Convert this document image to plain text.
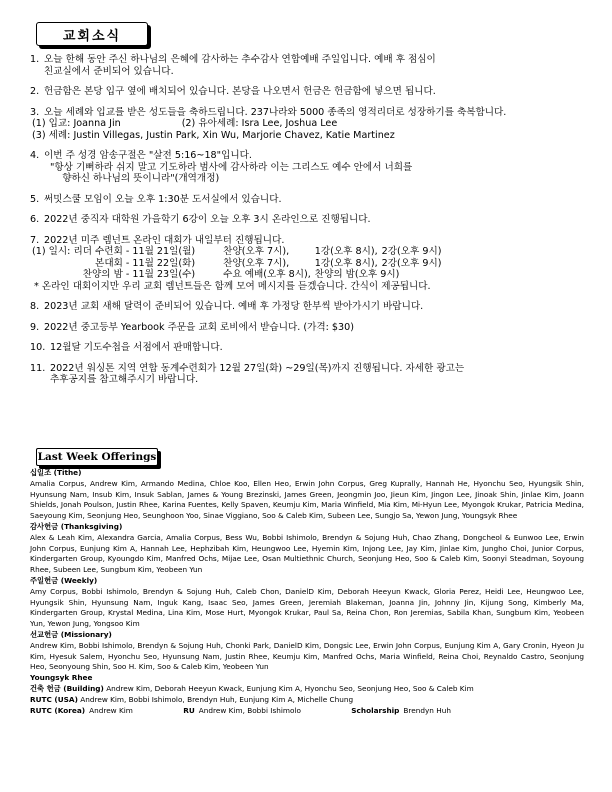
교회소식
1. 오늘 한해 동안 주신 하나님의 은혜에 감사하는 추수감사 연합예배 주일입니다. 예배 후 점심이
친교실에서 준비되어 있습니다.
2. 헌금함은 본당 입구 옆에 배치되어 있습니다. 본당을 나오면서 헌금은 헌금함에 넣으면 됩니다.
3. 오늘 세례와 입교를 받은 성도들을 축하드립니다. 237나라와 5000 종족의 영적리더로 성장하기를 축복합니다.
(1) 입교: Joanna Jin                    (2) 유아세례: Isra Lee, Joshua Lee
(3) 세례: Justin Villegas, Justin Park, Xin Wu, Marjorie Chavez, Katie Martinez
4. 이번 주 성경 암송구절은 "살전 5:16~18"입니다.
"항상 기뻐하라 쉬지 말고 기도하라 범사에 감사하라 이는 그리스도 예수 안에서 너희를
향하신 하나님의 뜻이니라"(개역개정)
5. 써밋스쿨 모임이 오늘 오후 1:30분 도서실에서 있습니다.
6. 2022년 중직자 대학원 가을학기 6강이 오늘 오후 3시 온라인으로 진행됩니다.
7. 2022년 미주 렘넌트 온라인 대회가 내일부터 진행됩니다.
(1) 일시: 리더 수련회 - 11월 21일(월)	찬양(오후 7시),	1강(오후 8시),	2강(오후 9시)
본대회 - 11월 22일(화)	찬양(오후 7시),	1강(오후 8시),	2강(오후 9시)
찬양의 밤 - 11월 23일(수)	수요 예배(오후 8시),	찬양의 밤(오후 9시)	
* 온라인 대회이지만 우리 교회 렘넌트들은 함께 모여 메시지를 듣겠습니다. 간식이 제공됩니다.
8. 2023년 교회 새해 달력이 준비되어 있습니다. 예배 후 가정당 한부씩 받아가시기 바랍니다.
9. 2022년 중고등부 Yearbook 주문을 교회 로비에서 받습니다. (가격: $30)
10. 12월달 기도수첩을 서점에서 판매합니다.
11. 2022년 워싱톤 지역 연합 동계수련회가 12월 27일(화) ~29일(목)까지 진행됩니다. 자세한 광고는
추후공지를 참고해주시기 바랍니다.
Last Week Offerings
십일조 (Tithe)
Amalia Corpus, Andrew Kim, Armando Medina, Chloe Koo, Ellen Heo, Erwin John Corpus, Greg Kuprally, Hannah He, Hyonchu Seo, Hyungsik Shin, Hyunsung Nam, Insub Kim, Insuk Sablan, James & Young Brezinski, James Green, Jeongmin Joo, Jieun Kim, Jingon Lee, Jinoak Shin, Jinlae Kim, Joann Shields, Jonah Poulson, Justin Rhee, Karina Fuentes, Kelly Spaven, Keumju Kim, Maria Winfield, Mia Kim, Mi-Hyun Lee, Myongok Krukar, Patricia Medina, Saeyoung Kim, Seonjung Heo, Seunghoon Yoo, Sinae Viggiano, Soo & Caleb Kim, Subeen Lee, Sungjo Sa, Yewon Jung, Youngsyk Rhee
감사헌금 (Thanksgiving)
Alex & Leah Kim, Alexandra Garcia, Amalia Corpus, Bess Wu, Bobbi Ishimolo, Brendyn & Sojung Huh, Chao Zhang, Dongcheol & Eunwoo Lee, Erwin John Corpus, Eunjung Kim A, Hannah Lee, Hephzibah Kim, Heungwoo Lee, Hyemin Kim, Injong Lee, Jay Kim, Jinlae Kim, Jungho Choi, Junior Corpus, Kindergarten Group, Kyoungdo Kim, Manfred Ochs, Mijae Lee, Osan Multiethnic Church, Seonjung Heo, Soo & Caleb Kim, Soonyi Steadman, Soyoung Rhee, Subeen Lee, Sungbum Kim, Yeobeen Yun
주일헌금 (Weekly)
Amy Corpus, Bobbi Ishimolo, Brendyn & Sojung Huh, Caleb Chon, DanielD Kim, Deborah Heeyun Kwack, Gloria Perez, Heidi Lee, Heungwoo Lee, Hyungsik Shin, Hyunsung Nam, Inguk Kang, Isaac Seo, James Green, Jeremiah Blakeman, Joanna Jin, Johnny Jin, Kijung Song, Kimberly Ma, Kindergarten Group, Krystal Medina, Lina Kim, Mose Hurt, Myongok Krukar, Paul Sa, Reina Chon, Ron Jeremias, Sabila Khan, Sungbum Kim, Yeobeen Yun, Yewon Jung, Yongsoo Kim
선교헌금 (Missionary)
Andrew Kim, Bobbi Ishimolo, Brendyn & Sojung Huh, Chonki Park, DanielD Kim, Dongsic Lee, Erwin John Corpus, Eunjung Kim A, Gary Cronin, Hyeon Ju Kim, Hyesuk Salem, Hyonchu Seo, Hyunsung Nam, Justin Rhee, Keumju Kim, Manfred Ochs, Maria Winfield, Reina Choi, Reynaldo Castro, Seonjung Heo, Seonyoung Shin, Soo H. Kim, Soo & Caleb Kim, Yeobeen Yun
Youngsyk Rhee
건축 헌금 (Building) Andrew Kim, Deborah Heeyun Kwack, Eunjung Kim A, Hyonchu Seo, Seonjung Heo, Soo & Caleb Kim
RUTC (USA) Andrew Kim, Bobbi Ishimolo, Brendyn Huh, Eunjung Kim A, Michelle Chung
RUTC (Korea) Andrew Kim	RU Andrew Kim, Bobbi Ishimolo	Scholarship Brendyn Huh
